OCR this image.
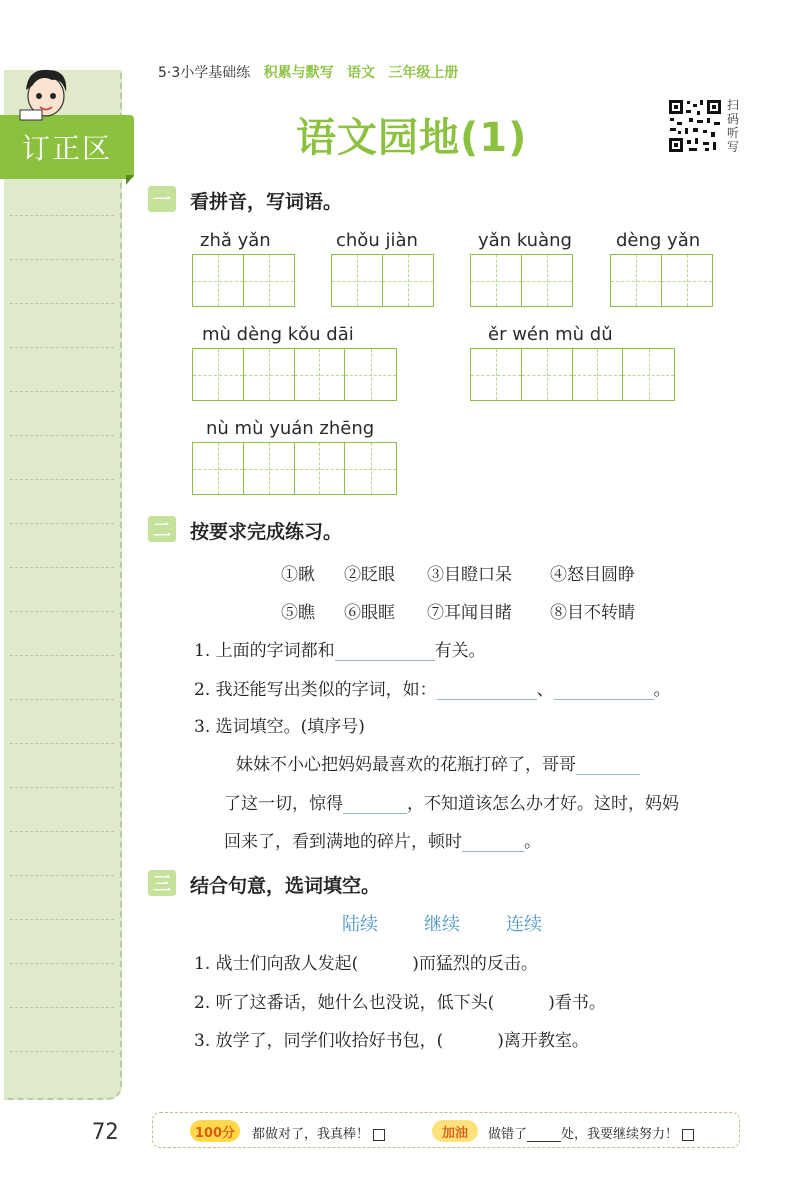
订正区
5·3小学基础练 积累与默写 语文 三年级上册
语文园地(1)
扫码听写
一 看拼音，写词语。
zhǎ yǎn	chǒu jiàn	yǎn kuàng dèng yǎn
mù dèng kǒu dāi	ěr wén mù dǔ
nù mù yuán zhēng
二 按要求完成练习。
①瞅 ②眨眼 ③目瞪口呆 ④怒目圆睁
⑤瞧 ⑥眼眶 ⑦耳闻目睹 ⑧目不转睛
1. 上面的字词都和	有关。
2. 我还能写出类似的字词，如：	、	。
3. 选词填空。(填序号)
妹妹不小心把妈妈最喜欢的花瓶打碎了，哥哥
了这一切，惊得	，不知道该怎么办才好。这时，妈妈
回来了，看到满地的碎片，顿时	。
三 结合句意，选词填空。
陆续	继续	连续
1. 战士们向敌人发起(	)而猛烈的反击。
2. 听了这番话，她什么也没说，低下头(	)看书。
3. 放学了，同学们收拾好书包，(	)离开教室。
72	100分	都做对了，我真棒！	加油	做错了	处，我要继续努力！
